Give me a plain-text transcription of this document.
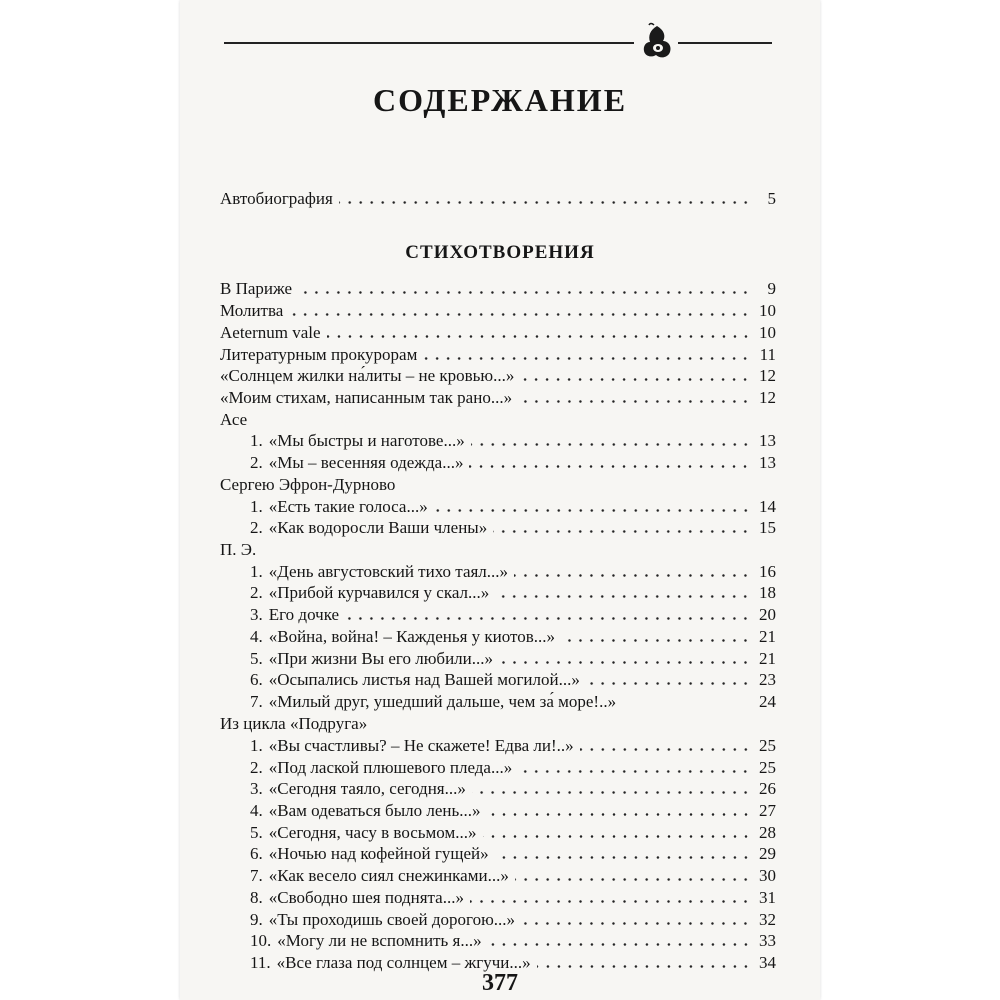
СОДЕРЖАНИЕ
СТИХОТВОРЕНИЯ
377
Автобиография	5
В Париже	9
Молитва	10
Aeternum vale	10
Литературным прокурорам	11
«Солнцем жилки на́литы – не кровью...»	12
«Моим стихам, написанным так рано...»	12
Асе
1. «Мы быстры и наготове...»	13
2. «Мы – весенняя одежда...»	13
Сергею Эфрон-Дурново
1. «Есть такие голоса...»	14
2. «Как водоросли Ваши члены»	15
П. Э.
1. «День августовский тихо таял...»	16
2. «Прибой курчавился у скал...»	18
3. Его дочке	20
4. «Война, война! – Кажденья у киотов...»	21
5. «При жизни Вы его любили...»	21
6. «Осыпались листья над Вашей могилой...»	23
7. «Милый друг, ушедший дальше, чем за́ море!..»	24
Из цикла «Подруга»
1. «Вы счастливы? – Не скажете! Едва ли!..»	25
2. «Под лаской плюшевого пледа...»	25
3. «Сегодня таяло, сегодня...»	26
4. «Вам одеваться было лень...»	27
5. «Сегодня, часу в восьмом...»	28
6. «Ночью над кофейной гущей»	29
7. «Как весело сиял снежинками...»	30
8. «Свободно шея поднята...»	31
9. «Ты проходишь своей дорогою...»	32
10. «Могу ли не вспомнить я...»	33
11. «Все глаза под солнцем – жгучи...»	34
